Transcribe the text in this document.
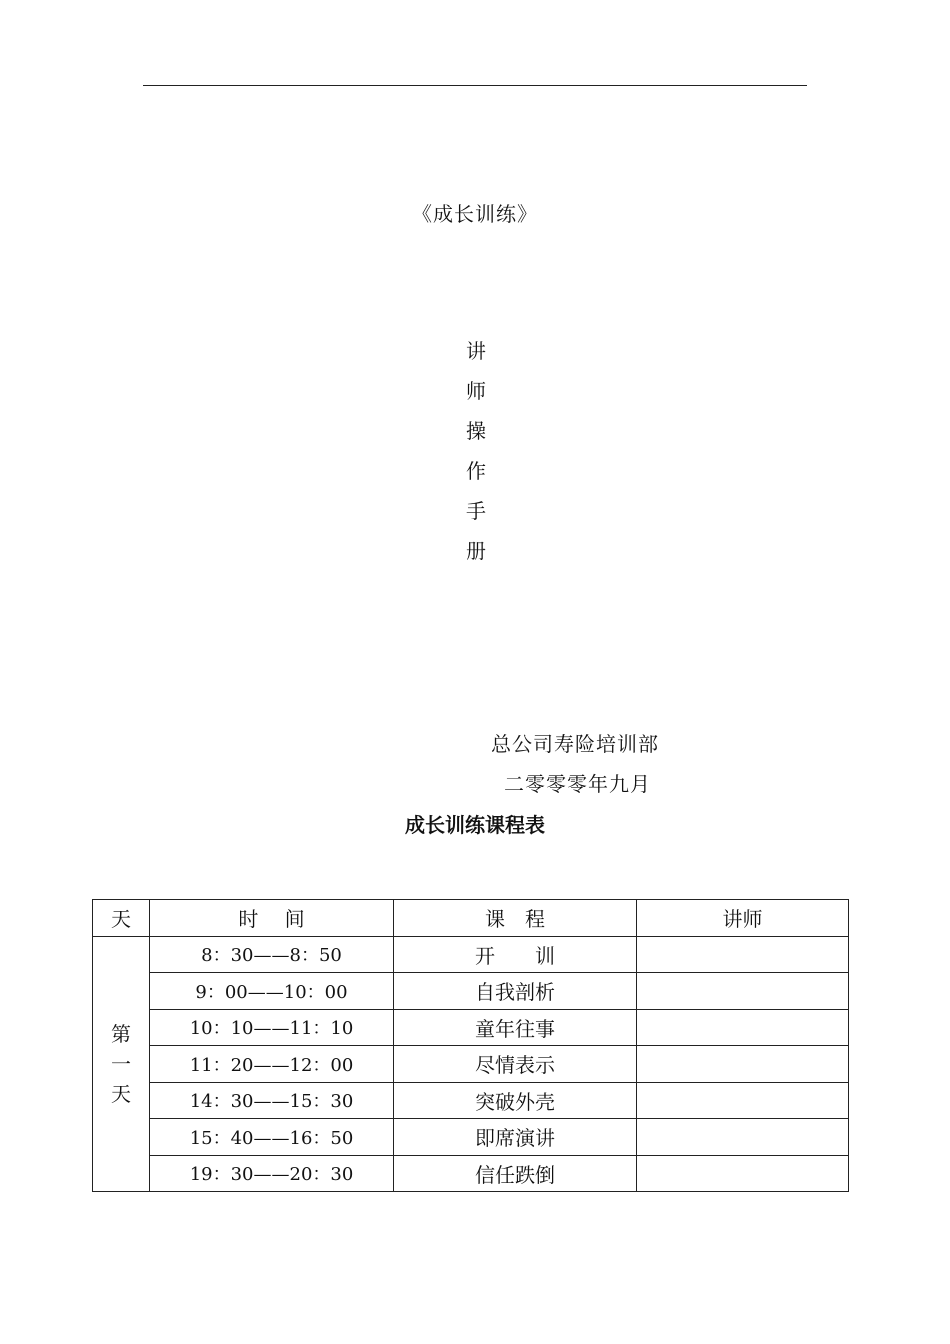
《成长训练》
讲
师
操
作
手
册
总公司寿险培训部
二零零零年九月
成长训练课程表
天	时　 间	课　程	讲师

第
一
天	8：30——8：50	开　　训	
	9：00——10：00	自我剖析	
	10：10——11：10	童年往事	
	11：20——12：00	尽情表示	
	14：30——15：30	突破外壳	
	15：40——16：50	即席演讲	
	19：30——20：30	信任跌倒	
